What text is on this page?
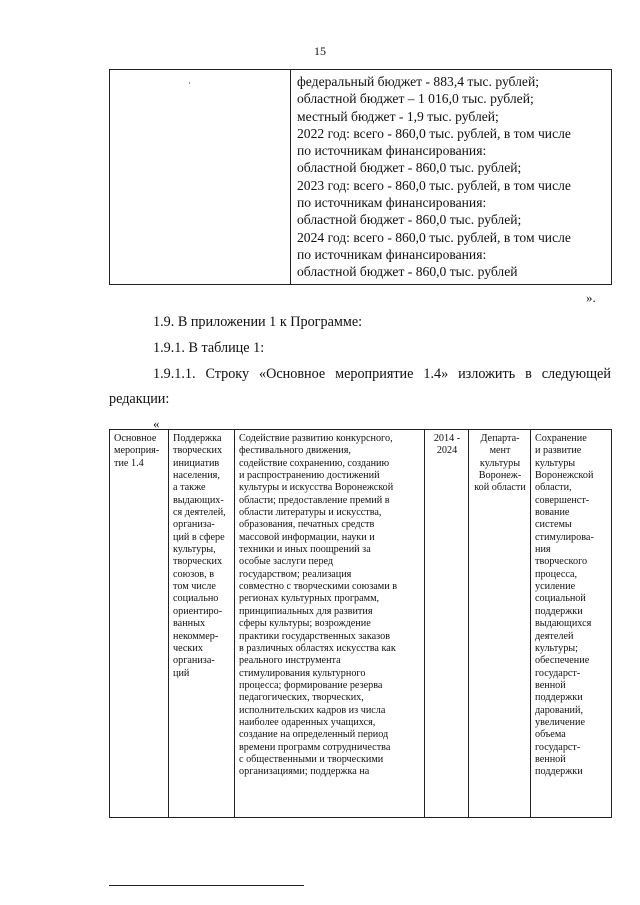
15
·	федеральный бюджет - 883,4 тыс. рублей;
областной бюджет – 1 016,0 тыс. рублей;
местный бюджет - 1,9 тыс. рублей;
2022 год: всего - 860,0 тыс. рублей, в том числе
по источникам финансирования:
областной бюджет - 860,0 тыс. рублей;
2023 год: всего - 860,0 тыс. рублей, в том числе
по источникам финансирования:
областной бюджет - 860,0 тыс. рублей;
2024 год: всего - 860,0 тыс. рублей, в том числе
по источникам финансирования:
областной бюджет - 860,0 тыс. рублей
».
1.9. В приложении 1 к Программе:
1.9.1. В таблице 1:
1.9.1.1. Строку «Основное мероприятие 1.4» изложить в следующей
редакции:
«
Основное
мероприя-
тие 1.4
Поддержка
творческих
инициатив
населения,
а также
выдающих-
ся деятелей,
организа-
ций в сфере
культуры,
творческих
союзов, в
том числе
социально
ориентиро-
ванных
некоммер-
ческих
организа-
ций
Содействие развитию конкурсного,
фестивального движения,
содействие сохранению, созданию
и распространению достижений
культуры и искусства Воронежской
области; предоставление премий в
области литературы и искусства,
образования, печатных средств
массовой информации, науки и
техники и иных поощрений за
особые заслуги перед
государством; реализация
совместно с творческими союзами в
регионах культурных программ,
принципиальных для развития
сферы культуры; возрождение
практики государственных заказов
в различных областях искусства как
реального инструмента
стимулирования культурного
процесса; формирование резерва
педагогических, творческих,
исполнительских кадров из числа
наиболее одаренных учащихся,
создание на определенный период
времени программ сотрудничества
с общественными и творческими
организациями; поддержка на
2014 -
2024
Департа-
мент
культуры
Воронеж-
кой области
Сохранение
и развитие
культуры
Воронежской
области,
совершенст-
вование
системы
стимулирова-
ния
творческого
процесса,
усиление
социальной
поддержки
выдающихся
деятелей
культуры;
обеспечение
государст-
венной
поддержки
дарований,
увеличение
объема
государст-
венной
поддержки
